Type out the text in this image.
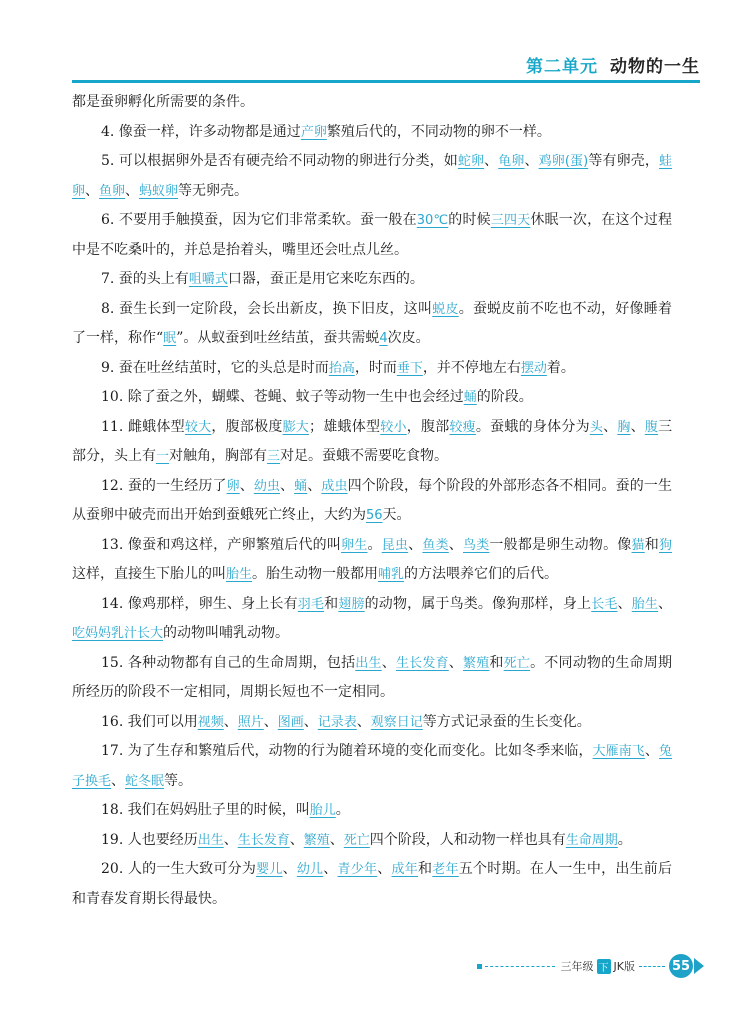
第二单元 动物的一生

都是蚕卵孵化所需要的条件。

4. 像蚕一样，许多动物都是通过产卵繁殖后代的，不同动物的卵不一样。

5. 可以根据卵外是否有硬壳给不同动物的卵进行分类，如蛇卵、龟卵、鸡卵(蛋)等有卵壳，蛙卵、鱼卵、蚂蚁卵等无卵壳。

6. 不要用手触摸蚕，因为它们非常柔软。蚕一般在30℃的时候三四天休眠一次，在这个过程中是不吃桑叶的，并总是抬着头，嘴里还会吐点儿丝。

7. 蚕的头上有咀嚼式口器，蚕正是用它来吃东西的。

8. 蚕生长到一定阶段，会长出新皮，换下旧皮，这叫蜕皮。蚕蜕皮前不吃也不动，好像睡着了一样，称作“眠”。从蚁蚕到吐丝结茧，蚕共需蜕4次皮。

9. 蚕在吐丝结茧时，它的头总是时而抬高，时而垂下，并不停地左右摆动着。

10. 除了蚕之外，蝴蝶、苍蝇、蚊子等动物一生中也会经过蛹的阶段。

11. 雌蛾体型较大，腹部极度膨大；雄蛾体型较小，腹部较瘦。蚕蛾的身体分为头、胸、腹三部分，头上有一对触角，胸部有三对足。蚕蛾不需要吃食物。

12. 蚕的一生经历了卵、幼虫、蛹、成虫四个阶段，每个阶段的外部形态各不相同。蚕的一生从蚕卵中破壳而出开始到蚕蛾死亡终止，大约为56天。

13. 像蚕和鸡这样，产卵繁殖后代的叫卵生。昆虫、鱼类、鸟类一般都是卵生动物。像猫和狗这样，直接生下胎儿的叫胎生。胎生动物一般都用哺乳的方法喂养它们的后代。

14. 像鸡那样，卵生、身上长有羽毛和翅膀的动物，属于鸟类。像狗那样，身上长毛、胎生、吃妈妈乳汁长大的动物叫哺乳动物。

15. 各种动物都有自己的生命周期，包括出生、生长发育、繁殖和死亡。不同动物的生命周期所经历的阶段不一定相同，周期长短也不一定相同。

16. 我们可以用视频、照片、图画、记录表、观察日记等方式记录蚕的生长变化。

17. 为了生存和繁殖后代，动物的行为随着环境的变化而变化。比如冬季来临，大雁南飞、兔子换毛、蛇冬眠等。

18. 我们在妈妈肚子里的时候，叫胎儿。

19. 人也要经历出生、生长发育、繁殖、死亡四个阶段，人和动物一样也具有生命周期。

20. 人的一生大致可分为婴儿、幼儿、青少年、成年和老年五个时期。在人一生中，出生前后和青春发育期长得最快。

三年级 下 JK版	55
